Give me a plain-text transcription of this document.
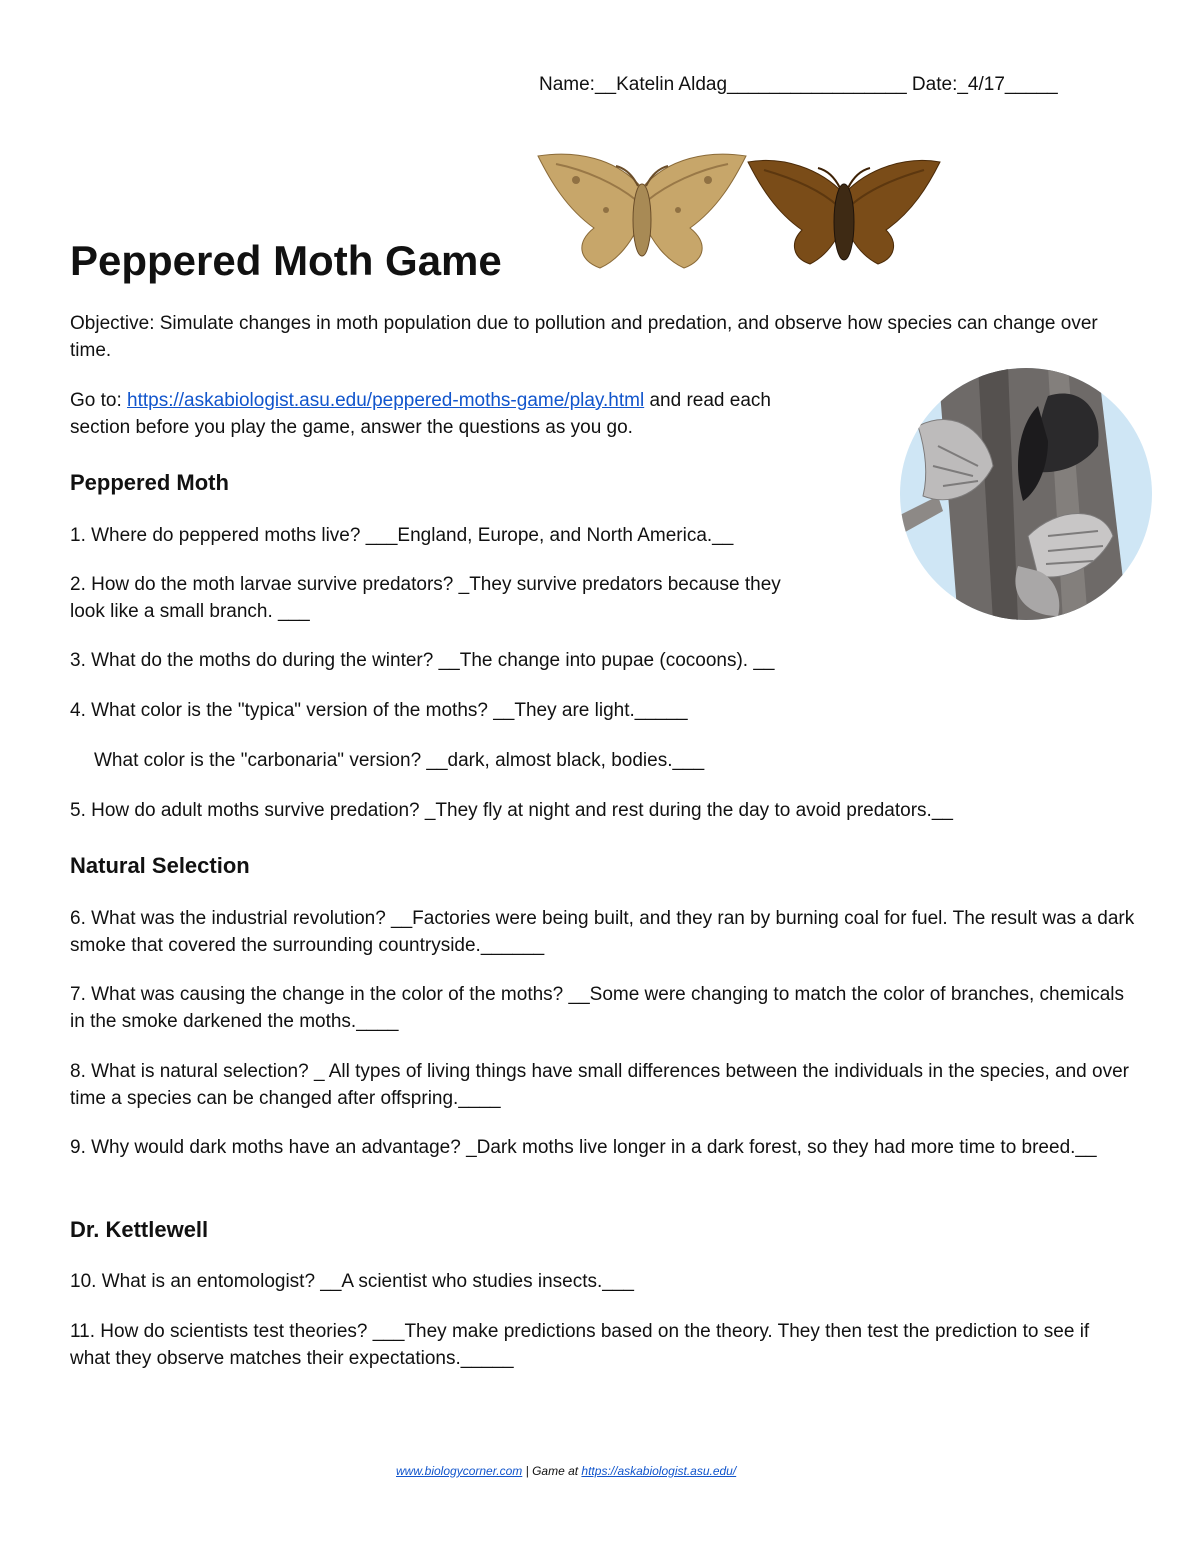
Name:__Katelin Aldag_________________ Date:_4/17_____
Peppered Moth Game
Objective: Simulate changes in moth population due to pollution and predation, and observe how species can change over time.
Go to: https://askabiologist.asu.edu/peppered-moths-game/play.html and read each
section before you play the game, answer the questions as you go.
Peppered Moth
1. Where do peppered moths live? ___England, Europe, and North America.__
2. How do the moth larvae survive predators? _They survive predators because they
look like a small branch. ___
3. What do the moths do during the winter? __The change into pupae (cocoons). __
4. What color is the "typica" version of the moths? __They are light._____
What color is the "carbonaria" version? __dark, almost black, bodies.___
5. How do adult moths survive predation? _They fly at night and rest during the day to avoid predators.__
Natural Selection
6. What was the industrial revolution? __Factories were being built, and they ran by burning coal for fuel. The result was a dark smoke that covered the surrounding countryside.______
7. What was causing the change in the color of the moths? __Some were changing to match the color of branches, chemicals in the smoke darkened the moths.____
8. What is natural selection? _ All types of living things have small differences between the individuals in the species, and over time a species can be changed after offspring.____
9. Why would dark moths have an advantage? _Dark moths live longer in a dark forest, so they had more time to breed.__
Dr. Kettlewell
10. What is an entomologist? __A scientist who studies insects.___
11. How do scientists test theories? ___They make predictions based on the theory. They then test the prediction to see if what they observe matches their expectations._____
www.biologycorner.com | Game at https://askabiologist.asu.edu/
